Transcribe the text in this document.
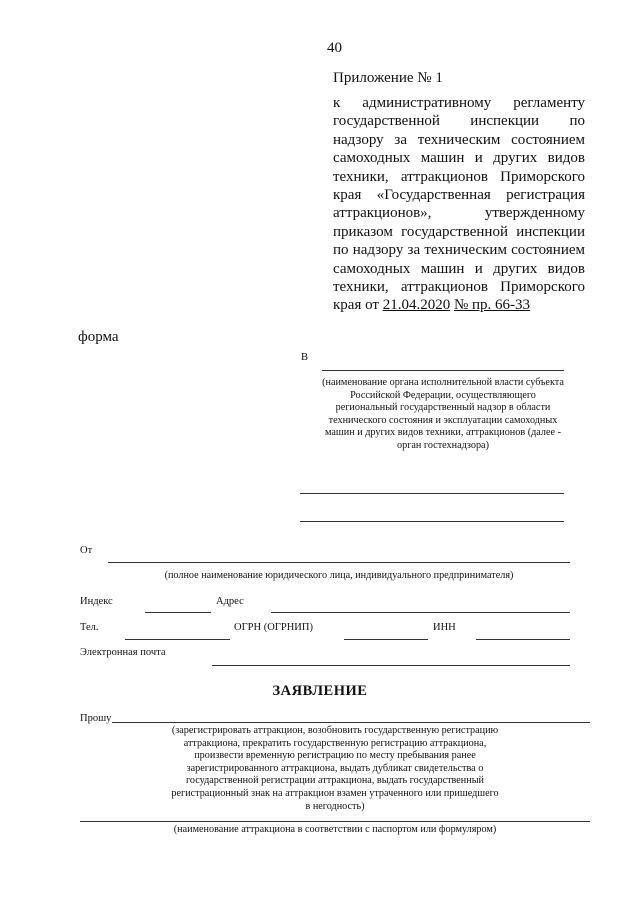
40
Приложение № 1
к административному регламенту государственной инспекции по надзору за техническим состоянием самоходных машин и других видов техники, аттракционов Приморского края «Государственная регистрация аттракционов», утвержденному приказом государственной инспекции по надзору за техническим состоянием самоходных машин и других видов техники, аттракционов Приморского края от 21.04.2020 № пр. 66-33
форма
В
(наименование органа исполнительной власти субъекта Российской Федерации, осуществляющего региональный государственный надзор в области технического состояния и эксплуатации самоходных машин и других видов техники, аттракционов (далее - орган гостехнадзора)
От
(полное наименование юридического лица, индивидуального предпринимателя)
Индекс	Адрес
Тел.	ОГРН (ОГРНИП)	ИНН
Электронная почта
ЗАЯВЛЕНИЕ
Прошу
(зарегистрировать аттракцион, возобновить государственную регистрацию аттракциона, прекратить государственную регистрацию аттракциона, произвести временную регистрацию по месту пребывания ранее зарегистрированного аттракциона, выдать дубликат свидетельства о государственной регистрации аттракциона, выдать государственный регистрационный знак на аттракцион взамен утраченного или пришедшего в негодность)
(наименование аттракциона в соответствии с паспортом или формуляром)
